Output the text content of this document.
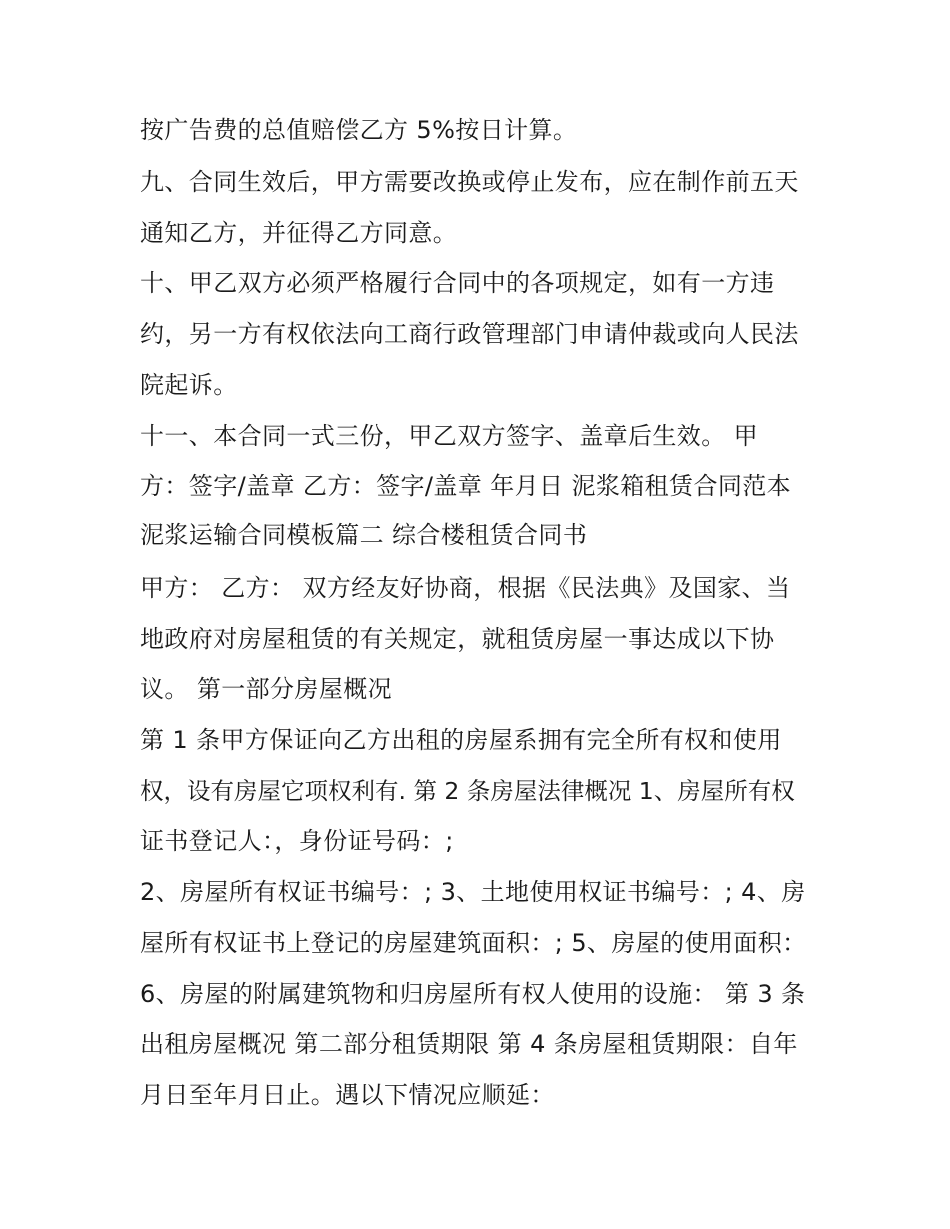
按广告费的总值赔偿乙方 5%按日计算。
九、合同生效后，甲方需要改换或停止发布，应在制作前五天
通知乙方，并征得乙方同意。
十、甲乙双方必须严格履行合同中的各项规定，如有一方违
约，另一方有权依法向工商行政管理部门申请仲裁或向人民法
院起诉。
十一、本合同一式三份，甲乙双方签字、盖章后生效。 甲
方：签字/盖章 乙方：签字/盖章 年月日 泥浆箱租赁合同范本
泥浆运输合同模板篇二 综合楼租赁合同书
甲方： 乙方： 双方经友好协商，根据《民法典》及国家、当
地政府对房屋租赁的有关规定，就租赁房屋一事达成以下协
议。 第一部分房屋概况
第 1 条甲方保证向乙方出租的房屋系拥有完全所有权和使用
权，设有房屋它项权利有. 第 2 条房屋法律概况 1、房屋所有权
证书登记人：，身份证号码：;
2、房屋所有权证书编号：; 3、土地使用权证书编号：; 4、房
屋所有权证书上登记的房屋建筑面积：; 5、房屋的使用面积：
6、房屋的附属建筑物和归房屋所有权人使用的设施： 第 3 条
出租房屋概况 第二部分租赁期限 第 4 条房屋租赁期限：自年
月日至年月日止。遇以下情况应顺延：
